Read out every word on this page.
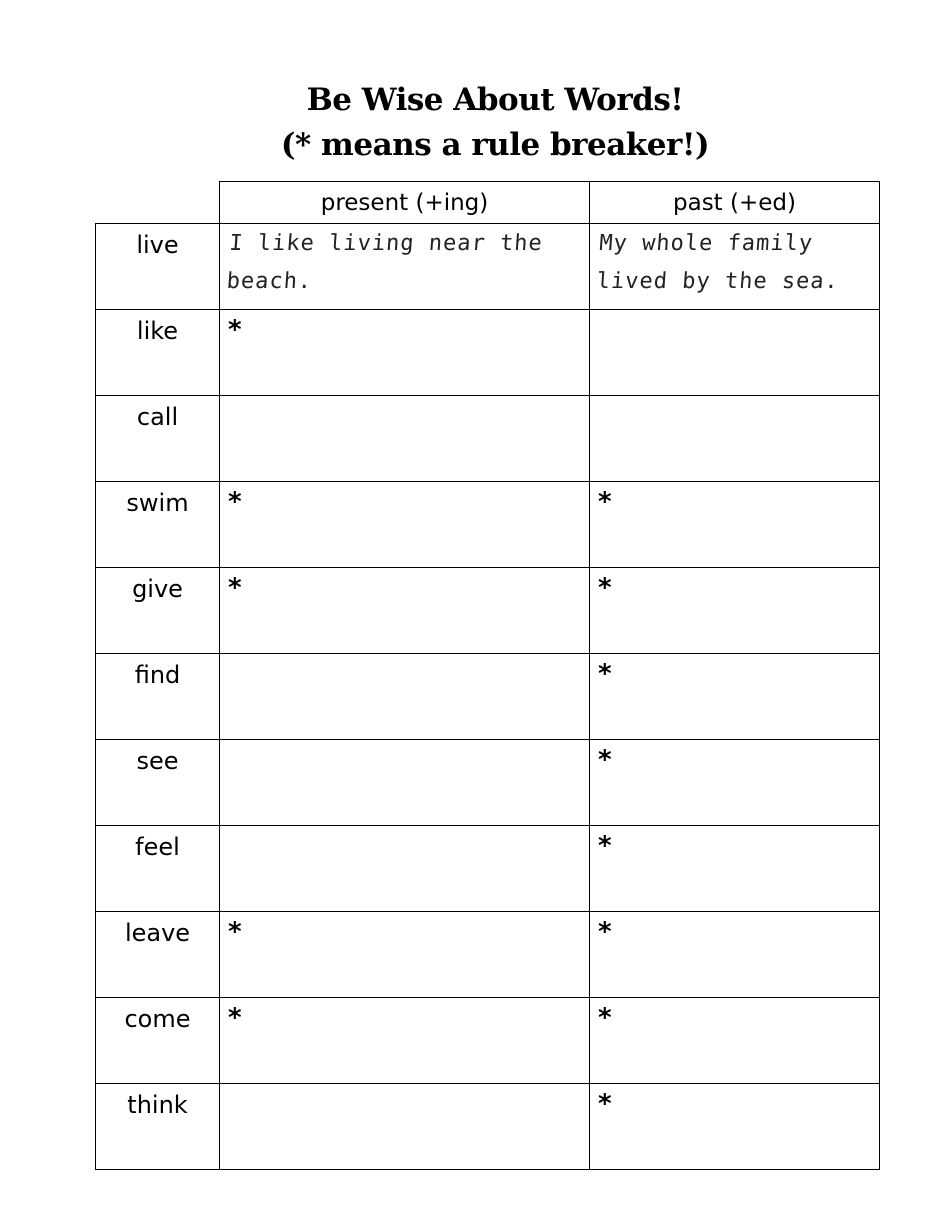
Be Wise About Words!
(* means a rule breaker!)
	present (+ing)	past (+ed)
live	I like living near the beach.	My whole family lived by the sea.

like	*	

call		
swim	*	*

give	*	*

find		*

see		*

feel		*

leave	*	*

come	*	*

think		*
